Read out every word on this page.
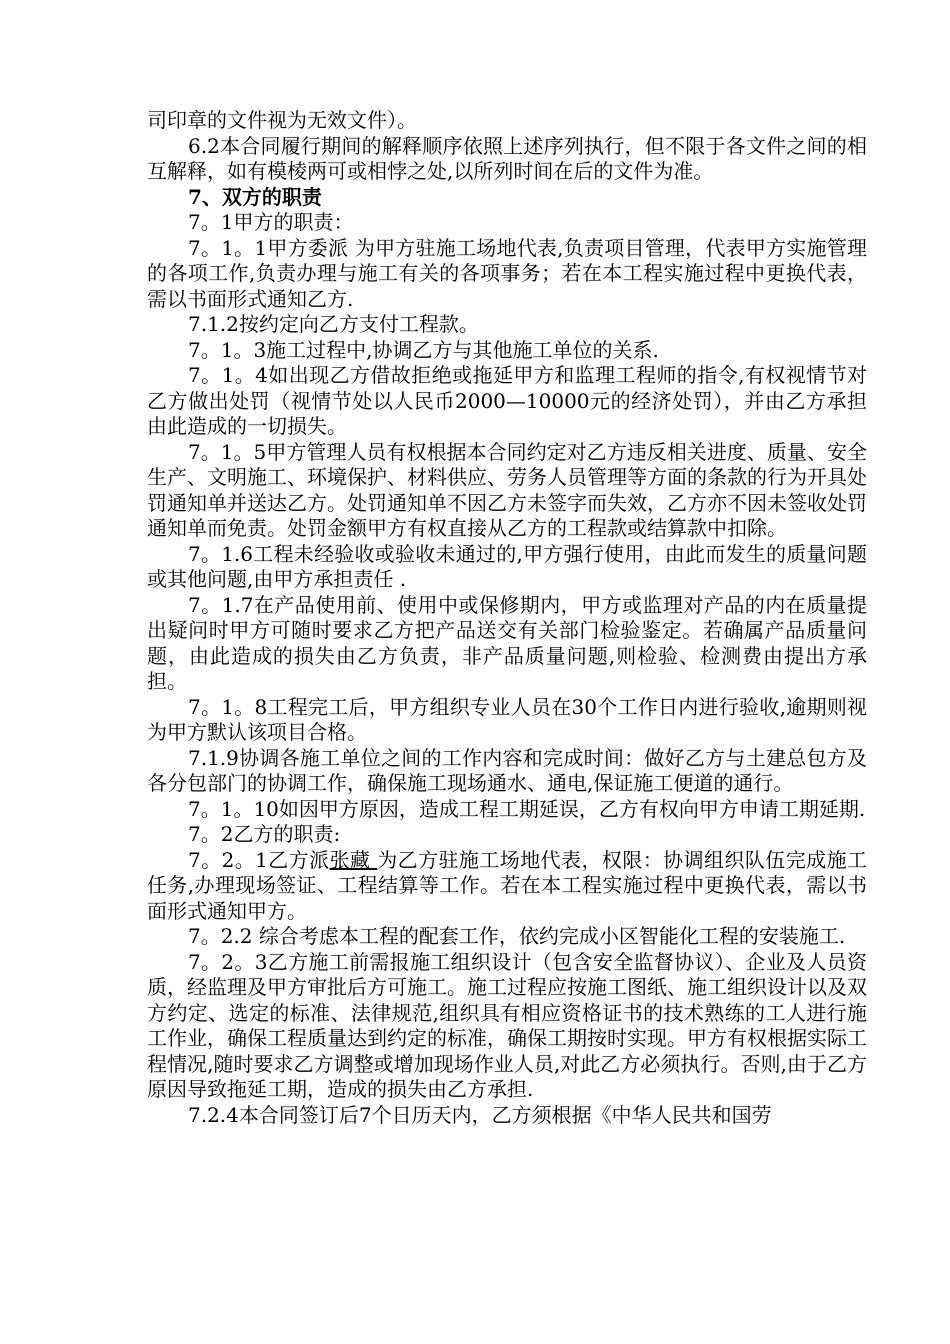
司印章的文件视为无效文件）。

6.2本合同履行期间的解释顺序依照上述序列执行，但不限于各文件之间的相互解释，如有模棱两可或相悖之处,以所列时间在后的文件为准。

7、双方的职责

7。1甲方的职责：

7。1。1甲方委派 为甲方驻施工场地代表,负责项目管理，代表甲方实施管理的各项工作,负责办理与施工有关的各项事务；若在本工程实施过程中更换代表，需以书面形式通知乙方.

7.1.2按约定向乙方支付工程款。

7。1。3施工过程中,协调乙方与其他施工单位的关系.

7。1。4如出现乙方借故拒绝或拖延甲方和监理工程师的指令,有权视情节对乙方做出处罚（视情节处以人民币2000—10000元的经济处罚），并由乙方承担由此造成的一切损失。

7。1。5甲方管理人员有权根据本合同约定对乙方违反相关进度、质量、安全生产、文明施工、环境保护、材料供应、劳务人员管理等方面的条款的行为开具处罚通知单并送达乙方。处罚通知单不因乙方未签字而失效，乙方亦不因未签收处罚通知单而免责。处罚金额甲方有权直接从乙方的工程款或结算款中扣除。

7。1.6工程未经验收或验收未通过的,甲方强行使用，由此而发生的质量问题或其他问题,由甲方承担责任 .

7。1.7在产品使用前、使用中或保修期内，甲方或监理对产品的内在质量提出疑问时甲方可随时要求乙方把产品送交有关部门检验鉴定。若确属产品质量问题，由此造成的损失由乙方负责，非产品质量问题,则检验、检测费由提出方承担。

7。1。8工程完工后，甲方组织专业人员在30个工作日内进行验收,逾期则视为甲方默认该项目合格。

7.1.9协调各施工单位之间的工作内容和完成时间：做好乙方与土建总包方及各分包部门的协调工作，确保施工现场通水、通电,保证施工便道的通行。

7。1。10如因甲方原因，造成工程工期延误，乙方有权向甲方申请工期延期.

7。2乙方的职责:

7。2。1乙方派张藏 为乙方驻施工场地代表，权限：协调组织队伍完成施工任务,办理现场签证、工程结算等工作。若在本工程实施过程中更换代表，需以书面形式通知甲方。

7。2.2 综合考虑本工程的配套工作，依约完成小区智能化工程的安装施工.

7。2。3乙方施工前需报施工组织设计（包含安全监督协议）、企业及人员资质，经监理及甲方审批后方可施工。施工过程应按施工图纸、施工组织设计以及双方约定、选定的标准、法律规范,组织具有相应资格证书的技术熟练的工人进行施工作业，确保工程质量达到约定的标准，确保工期按时实现。甲方有权根据实际工程情况,随时要求乙方调整或增加现场作业人员,对此乙方必须执行。否则,由于乙方原因导致拖延工期，造成的损失由乙方承担.

7.2.4本合同签订后7个日历天内，乙方须根据《中华人民共和国劳
